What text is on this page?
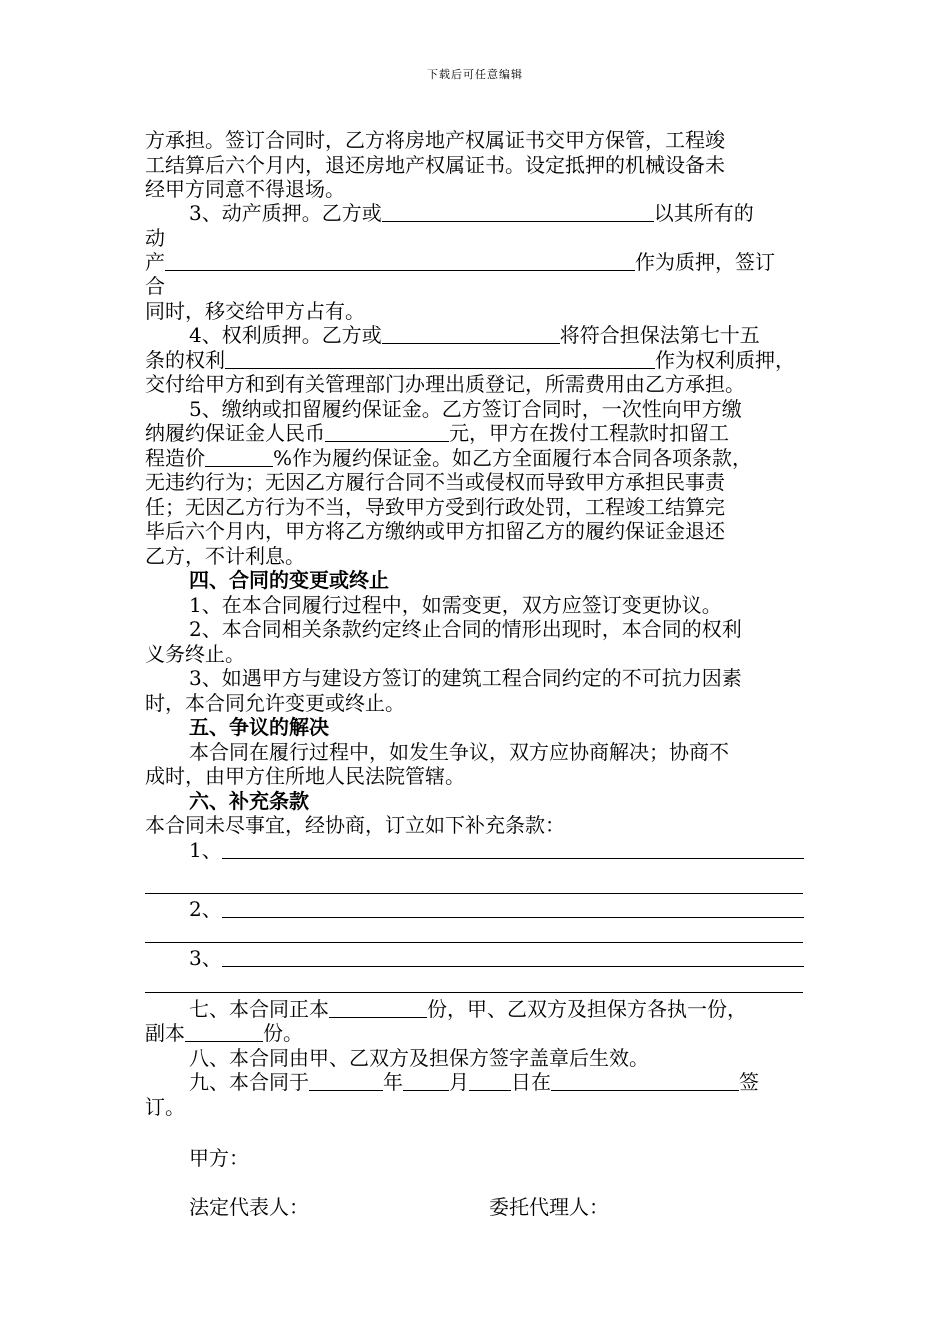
下载后可任意编辑
方承担。签订合同时，乙方将房地产权属证书交甲方保管，工程竣
工结算后六个月内，退还房地产权属证书。设定抵押的机械设备未
经甲方同意不得退场。
3、动产质押。乙方或	以其所有的
动
产	作为质押，签订
合
同时，移交给甲方占有。
4、权利质押。乙方或	将符合担保法第七十五
条的权利	作为权利质押，
交付给甲方和到有关管理部门办理出质登记，所需费用由乙方承担。
5、缴纳或扣留履约保证金。乙方签订合同时，一次性向甲方缴
纳履约保证金人民币	元，甲方在拨付工程款时扣留工
程造价	%作为履约保证金。如乙方全面履行本合同各项条款，
无违约行为；无因乙方履行合同不当或侵权而导致甲方承担民事责
任；无因乙方行为不当，导致甲方受到行政处罚，工程竣工结算完
毕后六个月内，甲方将乙方缴纳或甲方扣留乙方的履约保证金退还
乙方，不计利息。
四、合同的变更或终止
1、在本合同履行过程中，如需变更，双方应签订变更协议。
2、本合同相关条款约定终止合同的情形出现时，本合同的权利
义务终止。
3、如遇甲方与建设方签订的建筑工程合同约定的不可抗力因素
时，本合同允许变更或终止。
五、争议的解决
本合同在履行过程中，如发生争议，双方应协商解决；协商不
成时，由甲方住所地人民法院管辖。
六、补充条款
本合同未尽事宜，经协商，订立如下补充条款：
1、
2、
3、
七、本合同正本	份，甲、乙双方及担保方各执一份，
副本	份。
八、本合同由甲、乙双方及担保方签字盖章后生效。
九、本合同于	年 月 日在	签
订。
甲方：
法定代表人：	委托代理人：
